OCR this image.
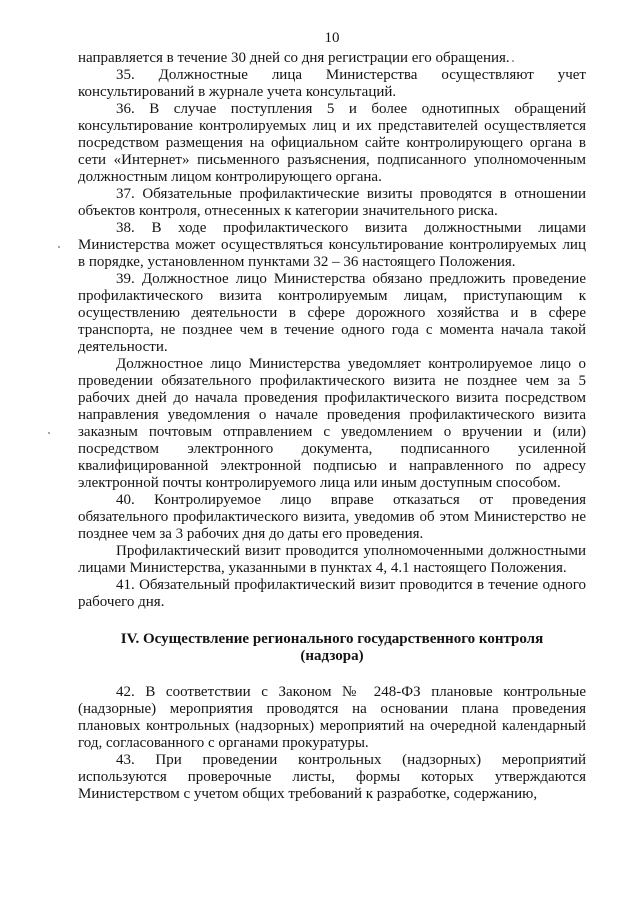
10

направляется в течение 30 дней со дня регистрации его обращения.

35. Должностные лица Министерства осуществляют учет консультирований в журнале учета консультаций.

36. В случае поступления 5 и более однотипных обращений консультирование контролируемых лиц и их представителей осуществляется посредством размещения на официальном сайте контролирующего органа в сети «Интернет» письменного разъяснения, подписанного уполномоченным должностным лицом контролирующего органа.

37. Обязательные профилактические визиты проводятся в отношении объектов контроля, отнесенных к категории значительного риска.

38. В ходе профилактического визита должностными лицами Министерства может осуществляться консультирование контролируемых лиц в порядке, установленном пунктами 32 – 36 настоящего Положения.

39. Должностное лицо Министерства обязано предложить проведение профилактического визита контролируемым лицам, приступающим к осуществлению деятельности в сфере дорожного хозяйства и в сфере транспорта, не позднее чем в течение одного года с момента начала такой деятельности.

Должностное лицо Министерства уведомляет контролируемое лицо о проведении обязательного профилактического визита не позднее чем за 5 рабочих дней до начала проведения профилактического визита посредством направления уведомления о начале проведения профилактического визита заказным почтовым отправлением с уведомлением о вручении и (или) посредством электронного документа, подписанного усиленной квалифицированной электронной подписью и направленного по адресу электронной почты контролируемого лица или иным доступным способом.

40. Контролируемое лицо вправе отказаться от проведения обязательного профилактического визита, уведомив об этом Министерство не позднее чем за 3 рабочих дня до даты его проведения.

Профилактический визит проводится уполномоченными должностными лицами Министерства, указанными в пунктах 4, 4.1 настоящего Положения.

41. Обязательный профилактический визит проводится в течение одного рабочего дня.

IV. Осуществление регионального государственного контроля (надзора)

42. В соответствии с Законом № 248-ФЗ плановые контрольные (надзорные) мероприятия проводятся на основании плана проведения плановых контрольных (надзорных) мероприятий на очередной календарный год, согласованного с органами прокуратуры.

43. При проведении контрольных (надзорных) мероприятий используются проверочные листы, формы которых утверждаются Министерством с учетом общих требований к разработке, содержанию,
